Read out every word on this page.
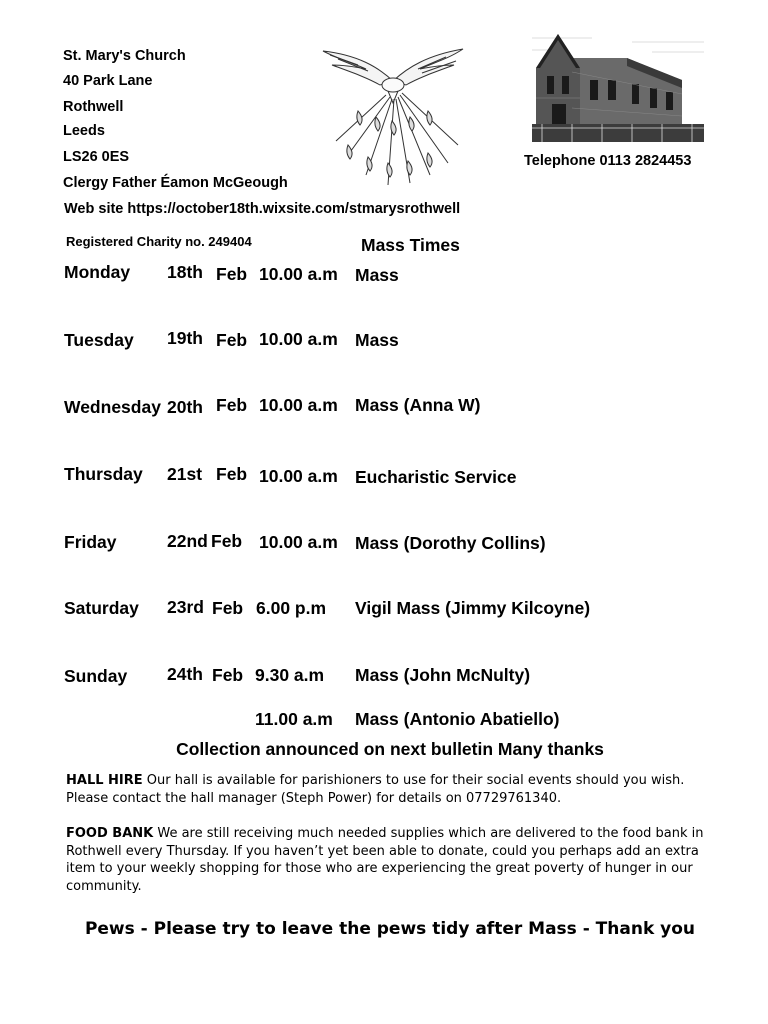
St. Mary's Church
40 Park Lane
Rothwell
Leeds
LS26 0ES
Clergy Father Éamon McGeough
Telephone 0113 2824453
Web site https://october18th.wixsite.com/stmarysrothwell
Registered Charity no. 249404	Mass Times
Monday 18th Feb 10.00 a.m Mass
Tuesday 19th Feb 10.00 a.m Mass
Wednesday 20th Feb 10.00 a.m Mass (Anna W)
Thursday 21st Feb 10.00 a.m Eucharistic Service
Friday	22nd Feb 10.00 a.m Mass (Dorothy Collins)
Saturday 23rd Feb 6.00 p.m Vigil Mass (Jimmy Kilcoyne)
Sunday 24th Feb 9.30 a.m Mass (John McNulty)
11.00 a.m Mass (Antonio Abatiello)
Collection announced on next bulletin Many thanks
HALL HIRE Our hall is available for parishioners to use for their social events should you wish. Please contact the hall manager (Steph Power) for details on 07729761340.
FOOD BANK We are still receiving much needed supplies which are delivered to the food bank in Rothwell every Thursday. If you haven’t yet been able to donate, could you perhaps add an extra item to your weekly shopping for those who are experiencing the great poverty of hunger in our community.
Pews - Please try to leave the pews tidy after Mass - Thank you
